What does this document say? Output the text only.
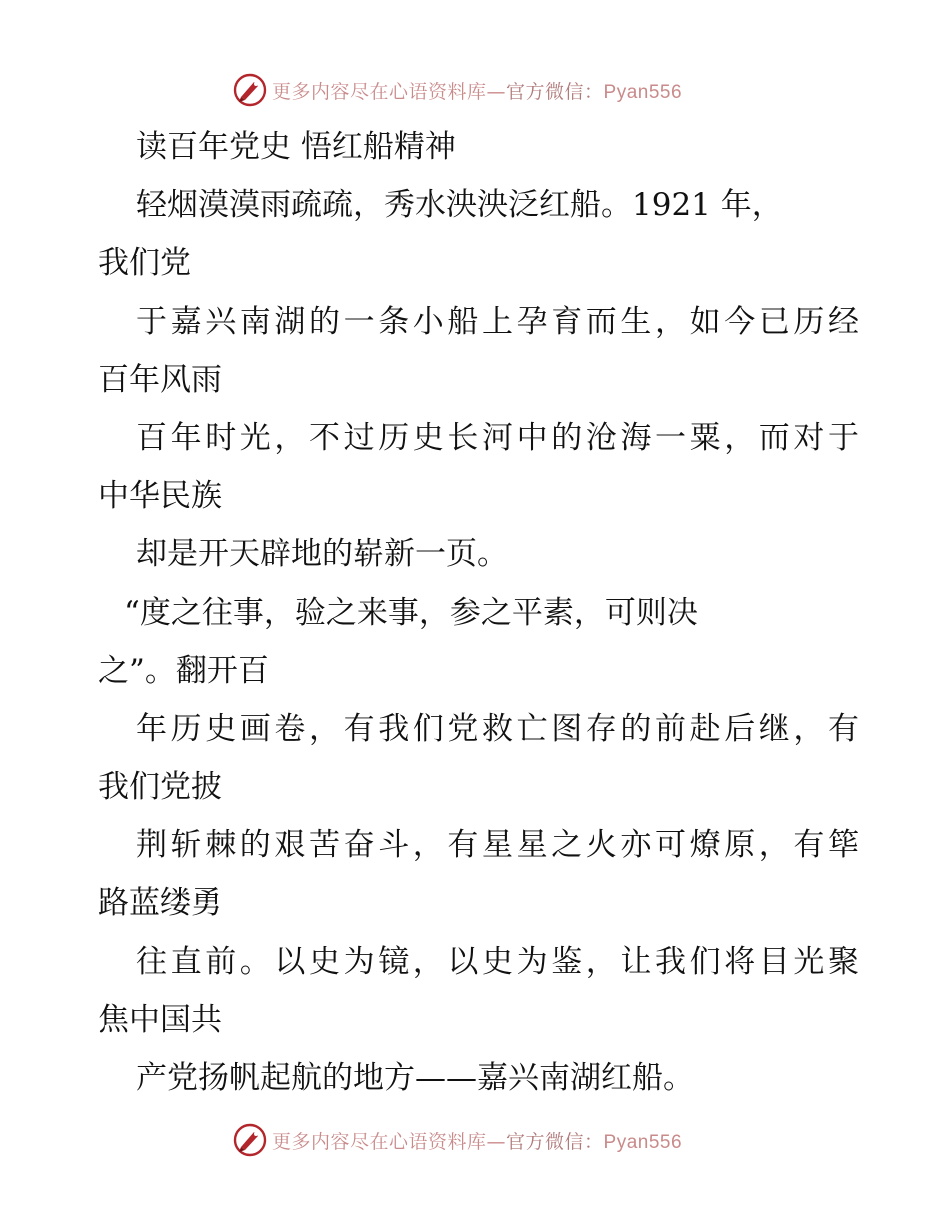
更多内容尽在心语资料库—官方微信：Pyan556
读百年党史 悟红船精神
轻烟漠漠雨疏疏，秀水泱泱泛红船。1921 年，
我们党
于嘉兴南湖的一条小船上孕育而生，如今已历经
百年风雨
百年时光，不过历史长河中的沧海一粟，而对于
中华民族
却是开天辟地的崭新一页。
“度之往事，验之来事，参之平素，可则决
之”。翻开百
年历史画卷，有我们党救亡图存的前赴后继，有
我们党披
荆斩棘的艰苦奋斗，有星星之火亦可燎原，有筚
路蓝缕勇
往直前。以史为镜，以史为鉴，让我们将目光聚
焦中国共
产党扬帆起航的地方——嘉兴南湖红船。
更多内容尽在心语资料库—官方微信：Pyan556
